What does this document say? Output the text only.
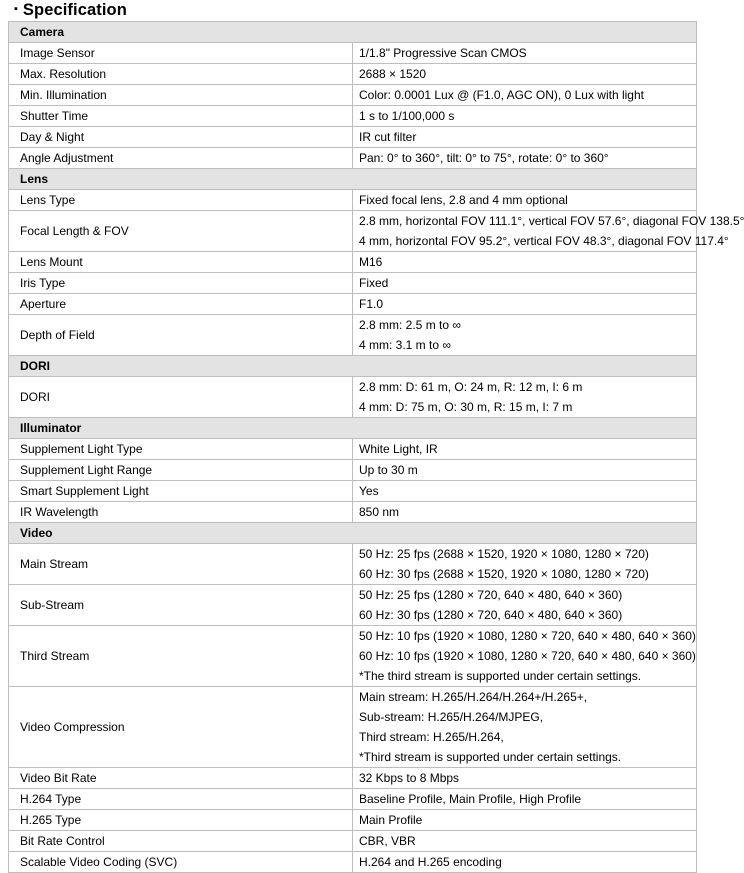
▪ Specification
Camera	
Image Sensor	1/1.8" Progressive Scan CMOS

Max. Resolution	2688 × 1520

Min. Illumination	Color: 0.0001 Lux @ (F1.0, AGC ON), 0 Lux with light

Shutter Time	1 s to 1/100,000 s

Day & Night	IR cut filter

Angle Adjustment	Pan: 0° to 360°, tilt: 0° to 75°, rotate: 0° to 360°

Lens	
Lens Type	Fixed focal lens, 2.8 and 4 mm optional

Focal Length & FOV	2.8 mm, horizontal FOV 111.1°, vertical FOV 57.6°, diagonal FOV 138.5°
4 mm, horizontal FOV 95.2°, vertical FOV 48.3°, diagonal FOV 117.4°

Lens Mount	M16

Iris Type	Fixed

Aperture	F1.0

Depth of Field	2.8 mm: 2.5 m to ∞
4 mm: 3.1 m to ∞

DORI	
DORI	2.8 mm: D: 61 m, O: 24 m, R: 12 m, I: 6 m
4 mm: D: 75 m, O: 30 m, R: 15 m, I: 7 m

Illuminator	
Supplement Light Type	White Light, IR

Supplement Light Range	Up to 30 m

Smart Supplement Light	Yes

IR Wavelength	850 nm

Video	
Main Stream	50 Hz: 25 fps (2688 × 1520, 1920 × 1080, 1280 × 720)
60 Hz: 30 fps (2688 × 1520, 1920 × 1080, 1280 × 720)

Sub-Stream	50 Hz: 25 fps (1280 × 720, 640 × 480, 640 × 360)
60 Hz: 30 fps (1280 × 720, 640 × 480, 640 × 360)

Third Stream	50 Hz: 10 fps (1920 × 1080, 1280 × 720, 640 × 480, 640 × 360)
60 Hz: 10 fps (1920 × 1080, 1280 × 720, 640 × 480, 640 × 360)
*The third stream is supported under certain settings.

Video Compression	Main stream: H.265/H.264/H.264+/H.265+,
Sub-stream: H.265/H.264/MJPEG,
Third stream: H.265/H.264,
*Third stream is supported under certain settings.

Video Bit Rate	32 Kbps to 8 Mbps

H.264 Type	Baseline Profile, Main Profile, High Profile

H.265 Type	Main Profile

Bit Rate Control	CBR, VBR

Scalable Video Coding (SVC)	H.264 and H.265 encoding
